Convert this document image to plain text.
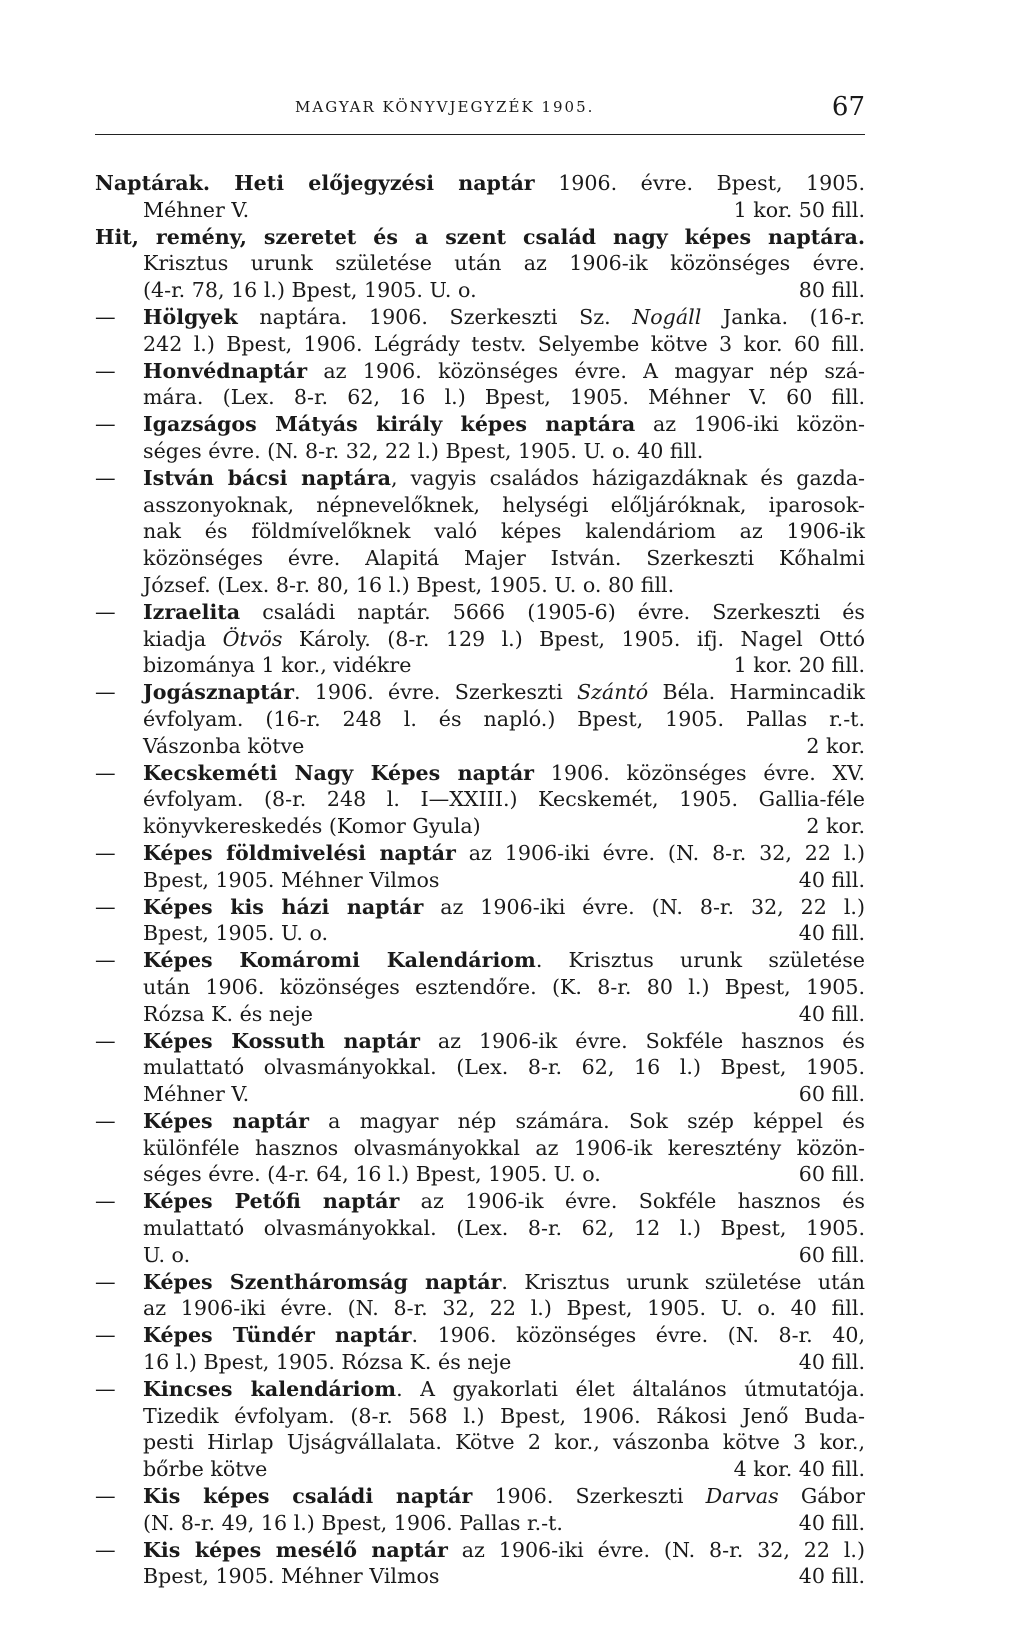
MAGYAR KÖNYVJEGYZÉK 1905.	67
Naptárak. Heti előjegyzési naptár 1906. évre. Bpest, 1905.
Méhner V.	1 kor. 50 fill.
Hit, remény, szeretet és a szent család nagy képes naptára.
Krisztus urunk születése után az 1906-ik közönséges évre.
(4-r. 78, 16 l.) Bpest, 1905. U. o.	80 fill.
—	Hölgyek naptára. 1906. Szerkeszti Sz. Nogáll Janka. (16-r.
242 l.) Bpest, 1906. Légrády testv. Selyembe kötve 3 kor. 60 fill.
—	Honvédnaptár az 1906. közönséges évre. A magyar nép szá-
mára. (Lex. 8-r. 62, 16 l.) Bpest, 1905. Méhner V. 60 fill.
—	Igazságos Mátyás király képes naptára az 1906-iki közön-
séges évre. (N. 8-r. 32, 22 l.) Bpest, 1905. U. o. 40 fill.
—	István bácsi naptára , vagyis családos házigazdáknak és gazda-
asszonyoknak, népnevelőknek, helységi előljáróknak, iparosok-
nak és földmívelőknek való képes kalendáriom az 1906-ik
közönséges évre. Alapitá Majer István. Szerkeszti Kőhalmi
József. (Lex. 8-r. 80, 16 l.) Bpest, 1905. U. o. 80 fill.
—	Izraelita családi naptár. 5666 (1905-6) évre. Szerkeszti és
kiadja Ötvös Károly. (8-r. 129 l.) Bpest, 1905. ifj. Nagel Ottó
bizománya 1 kor., vidékre	1 kor. 20 fill.
—	Jogásznaptár . 1906. évre. Szerkeszti Szántó Béla. Harmincadik
évfolyam. (16-r. 248 l. és napló.) Bpest, 1905. Pallas r.-t.
Vászonba kötve	2 kor.
—	Kecskeméti Nagy Képes naptár 1906. közönséges évre. XV.
évfolyam. (8-r. 248 l. I—XXIII.) Kecskemét, 1905. Gallia-féle
könyvkereskedés (Komor Gyula)	2 kor.
—	Képes földmivelési naptár az 1906-iki évre. (N. 8-r. 32, 22 l.)
Bpest, 1905. Méhner Vilmos	40 fill.
—	Képes kis házi naptár az 1906-iki évre. (N. 8-r. 32, 22 l.)
Bpest, 1905. U. o.	40 fill.
—	Képes Komáromi Kalendáriom . Krisztus urunk születése
után 1906. közönséges esztendőre. (K. 8-r. 80 l.) Bpest, 1905.
Rózsa K. és neje	40 fill.
—	Képes Kossuth naptár az 1906-ik évre. Sokféle hasznos és
mulattató olvasmányokkal. (Lex. 8-r. 62, 16 l.) Bpest, 1905.
Méhner V.	60 fill.
—	Képes naptár a magyar nép számára. Sok szép képpel és
különféle hasznos olvasmányokkal az 1906-ik keresztény közön-
séges évre. (4-r. 64, 16 l.) Bpest, 1905. U. o.	60 fill.
—	Képes Petőfi naptár az 1906-ik évre. Sokféle hasznos és
mulattató olvasmányokkal. (Lex. 8-r. 62, 12 l.) Bpest, 1905.
U. o.	60 fill.
—	Képes Szentháromság naptár . Krisztus urunk születése után
az 1906-iki évre. (N. 8-r. 32, 22 l.) Bpest, 1905. U. o. 40 fill.
—	Képes Tündér naptár . 1906. közönséges évre. (N. 8-r. 40,
16 l.) Bpest, 1905. Rózsa K. és neje	40 fill.
—	Kincses kalendáriom . A gyakorlati élet általános útmutatója.
Tizedik évfolyam. (8-r. 568 l.) Bpest, 1906. Rákosi Jenő Buda-
pesti Hirlap Ujságvállalata. Kötve 2 kor., vászonba kötve 3 kor.,
bőrbe kötve	4 kor. 40 fill.
—	Kis képes családi naptár 1906. Szerkeszti Darvas Gábor
(N. 8-r. 49, 16 l.) Bpest, 1906. Pallas r.-t.	40 fill.
—	Kis képes mesélő naptár az 1906-iki évre. (N. 8-r. 32, 22 l.)
Bpest, 1905. Méhner Vilmos	40 fill.
